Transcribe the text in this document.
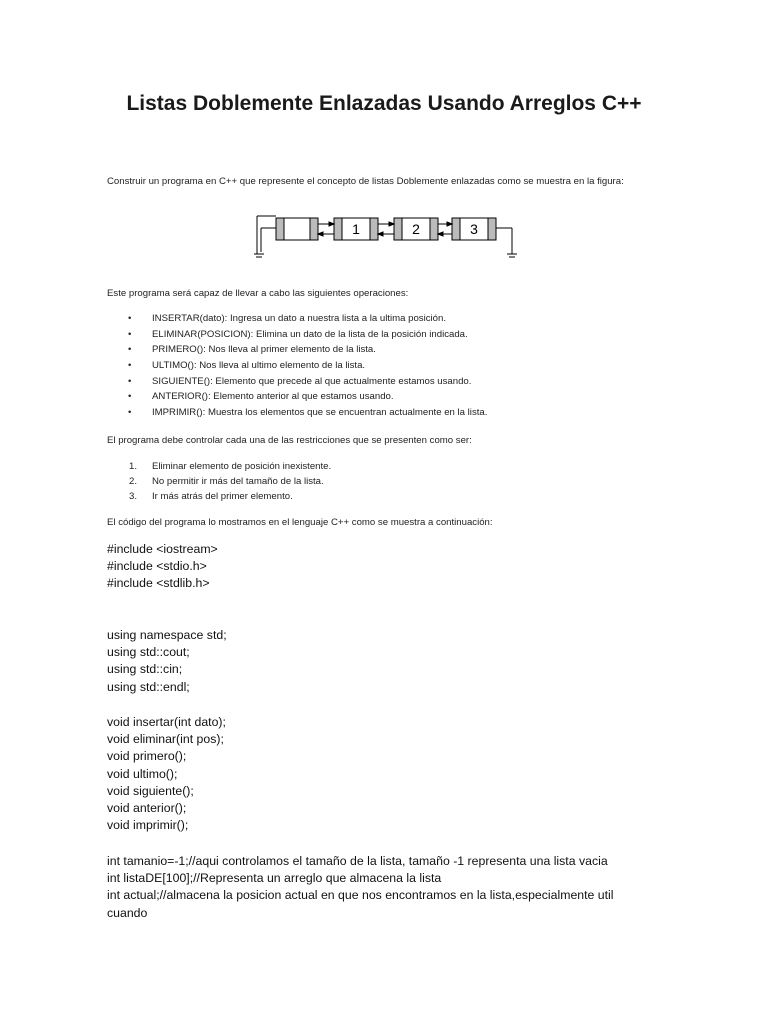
Listas Doblemente Enlazadas Usando Arreglos C++
Construir un programa en C++ que represente el concepto de listas Doblemente enlazadas como se muestra en la figura:
1	2	3
Este programa será capaz de llevar a cabo las siguientes operaciones:
• INSERTAR(dato): Ingresa un dato a nuestra lista a la ultima posición.
• ELIMINAR(POSICION): Elimina un dato de la lista de la posición indicada.
• PRIMERO(): Nos lleva al primer elemento de la lista.
• ULTIMO(): Nos lleva al ultimo elemento de la lista.
• SIGUIENTE(): Elemento que precede al que actualmente estamos usando.
• ANTERIOR(): Elemento anterior al que estamos usando.
• IMPRIMIR(): Muestra los elementos que se encuentran actualmente en la lista.
El programa debe controlar cada una de las restricciones que se presenten como ser:
1. Eliminar elemento de posición inexistente.
2. No permitir ir más del tamaño de la lista.
3. Ir más atrás del primer elemento.
El código del programa lo mostramos en el lenguaje C++ como se muestra a continuación:
#include <iostream>
#include <stdio.h>
#include <stdlib.h>
using namespace std;
using std::cout;
using std::cin;
using std::endl;
void insertar(int dato);
void eliminar(int pos);
void primero();
void ultimo();
void siguiente();
void anterior();
void imprimir();
int tamanio=-1;//aqui controlamos el tamaño de la lista, tamaño -1 representa una lista vacia
int listaDE[100];//Representa un arreglo que almacena la lista
int actual;//almacena la posicion actual en que nos encontramos en la lista,especialmente util
cuando
